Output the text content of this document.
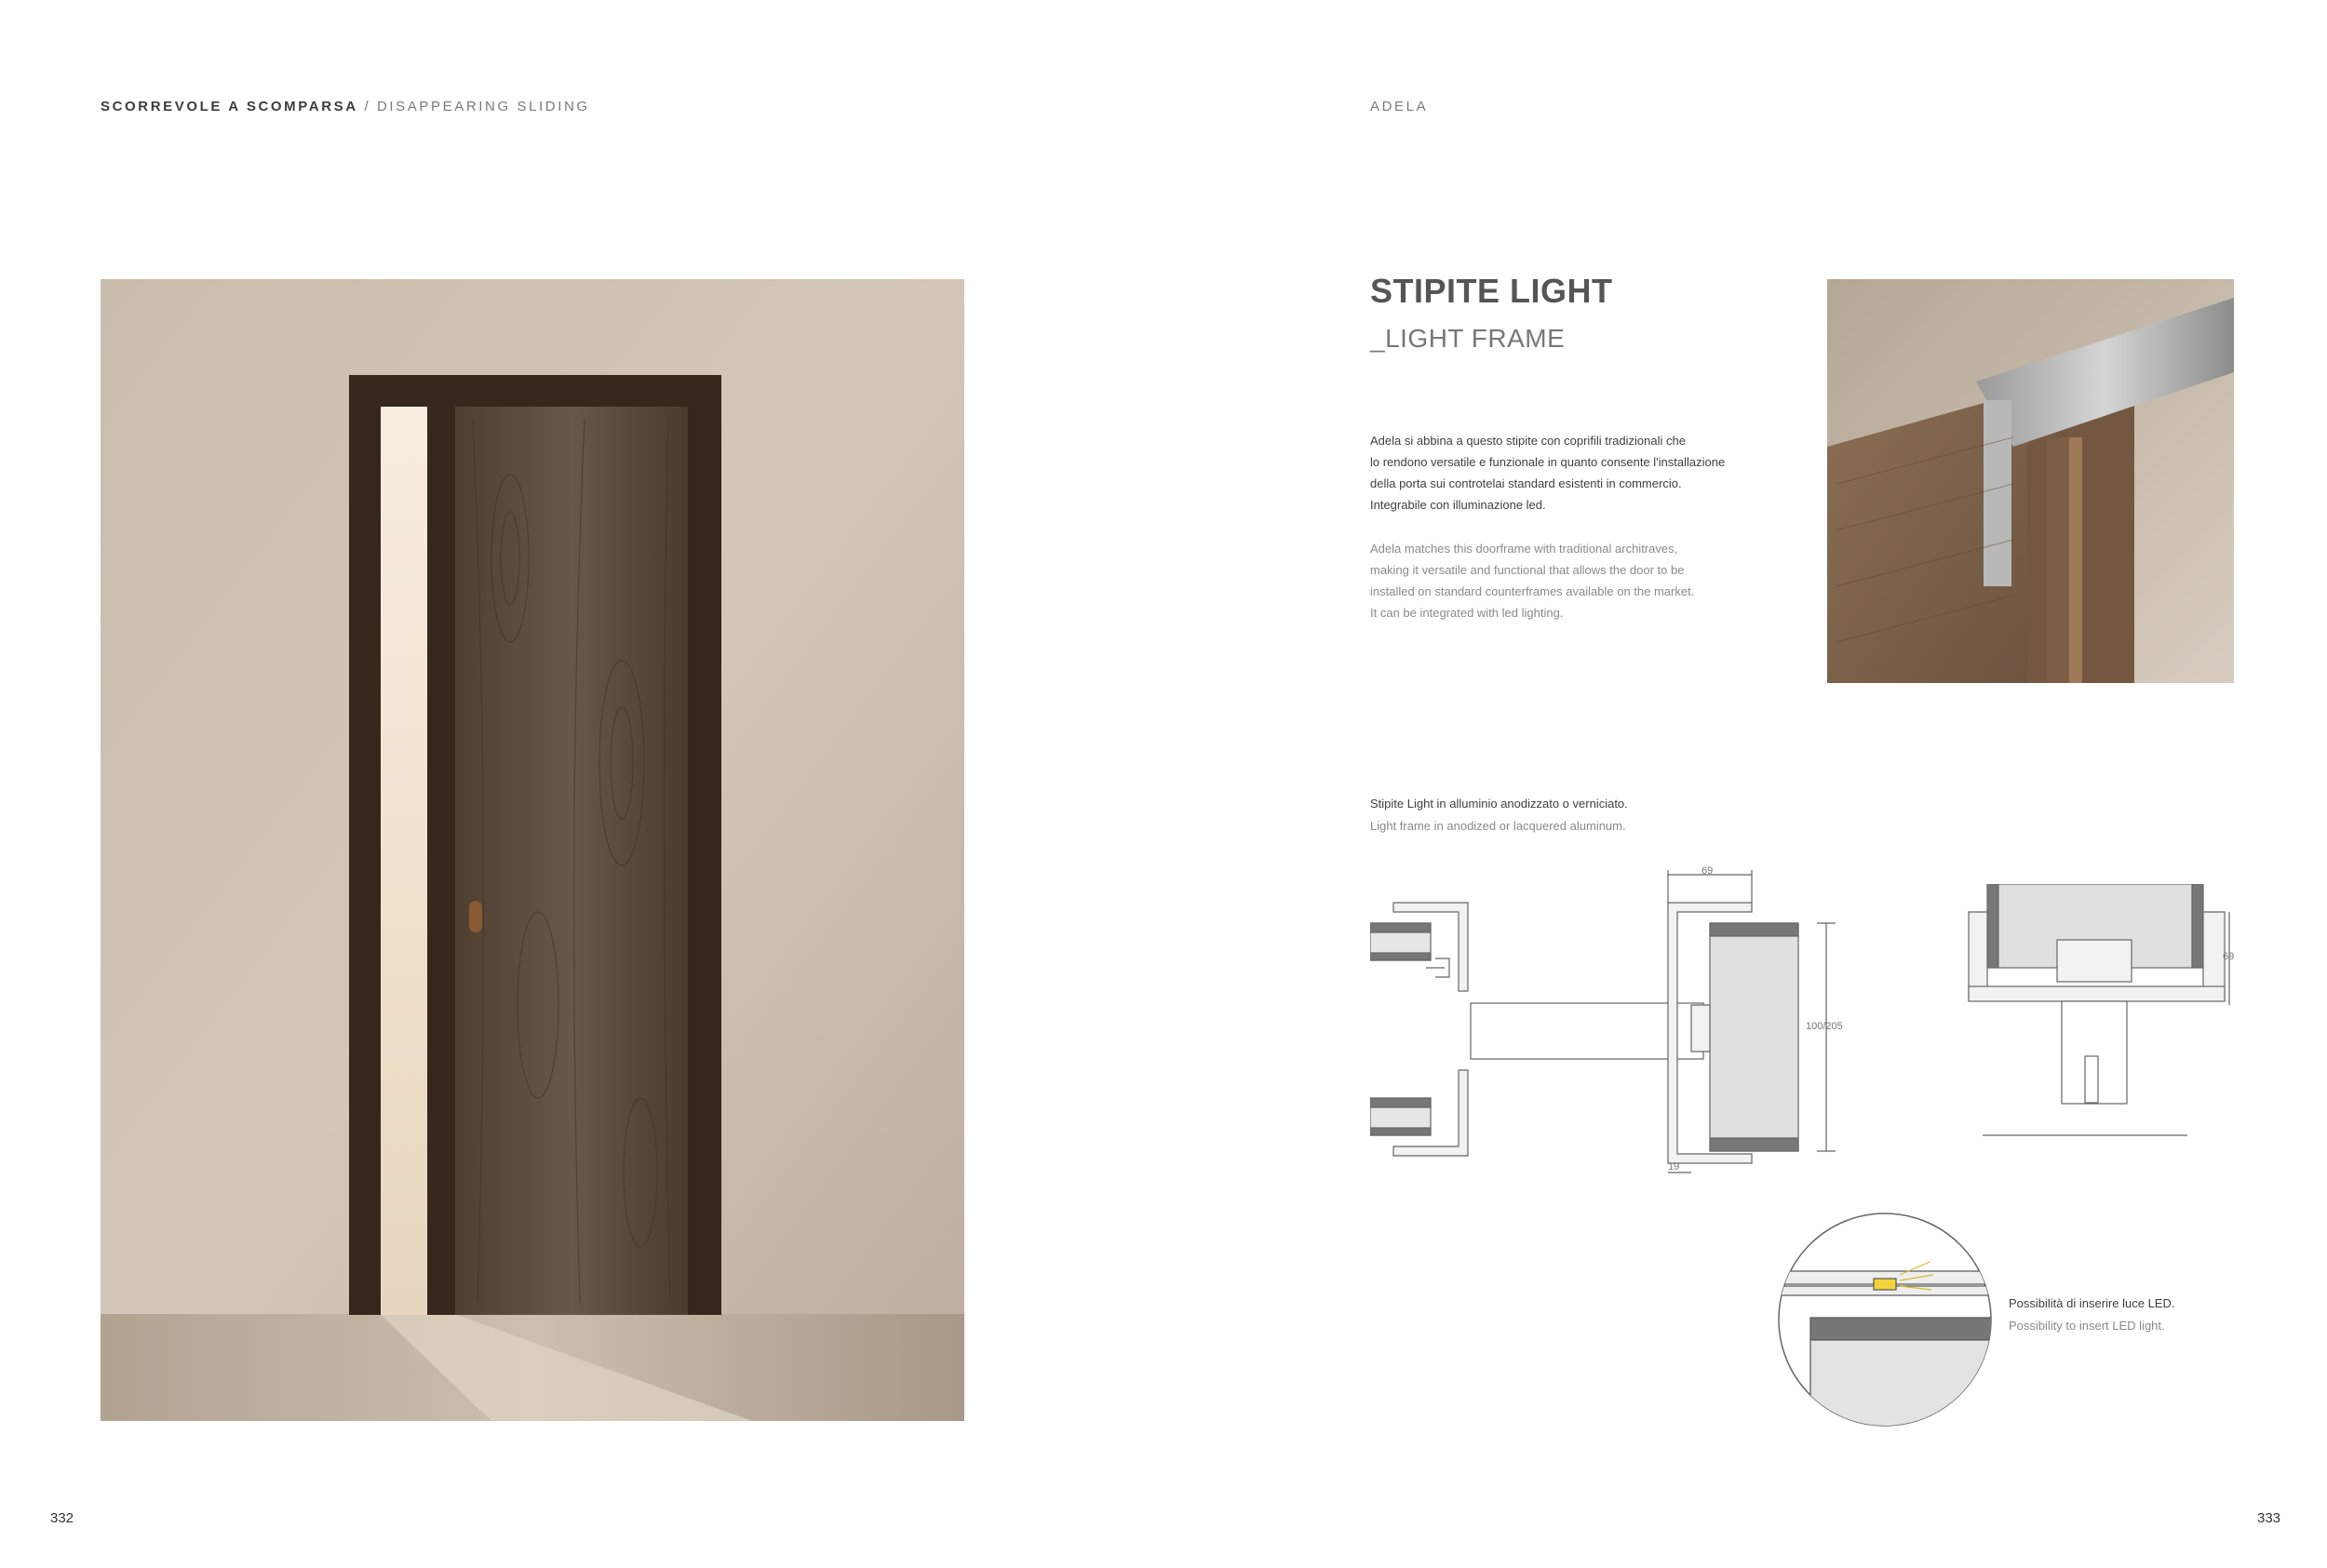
SCORREVOLE A SCOMPARSA / DISAPPEARING SLIDING	ADELA
STIPITE LIGHT
_LIGHT FRAME
Adela si abbina a questo stipite con coprifili tradizionali che
lo rendono versatile e funzionale in quanto consente l'installazione
della porta sui controtelai standard esistenti in commercio.
Integrabile con illuminazione led.
Adela matches this doorframe with traditional architraves,
making it versatile and functional that allows the door to be
installed on standard counterframes available on the market.
It can be integrated with led lighting.
Stipite Light in alluminio anodizzato o verniciato.
Light frame in anodized or lacquered aluminum.
69
100/205
19
69
Possibilità di inserire luce LED.
Possibility to insert LED light.
332	333
